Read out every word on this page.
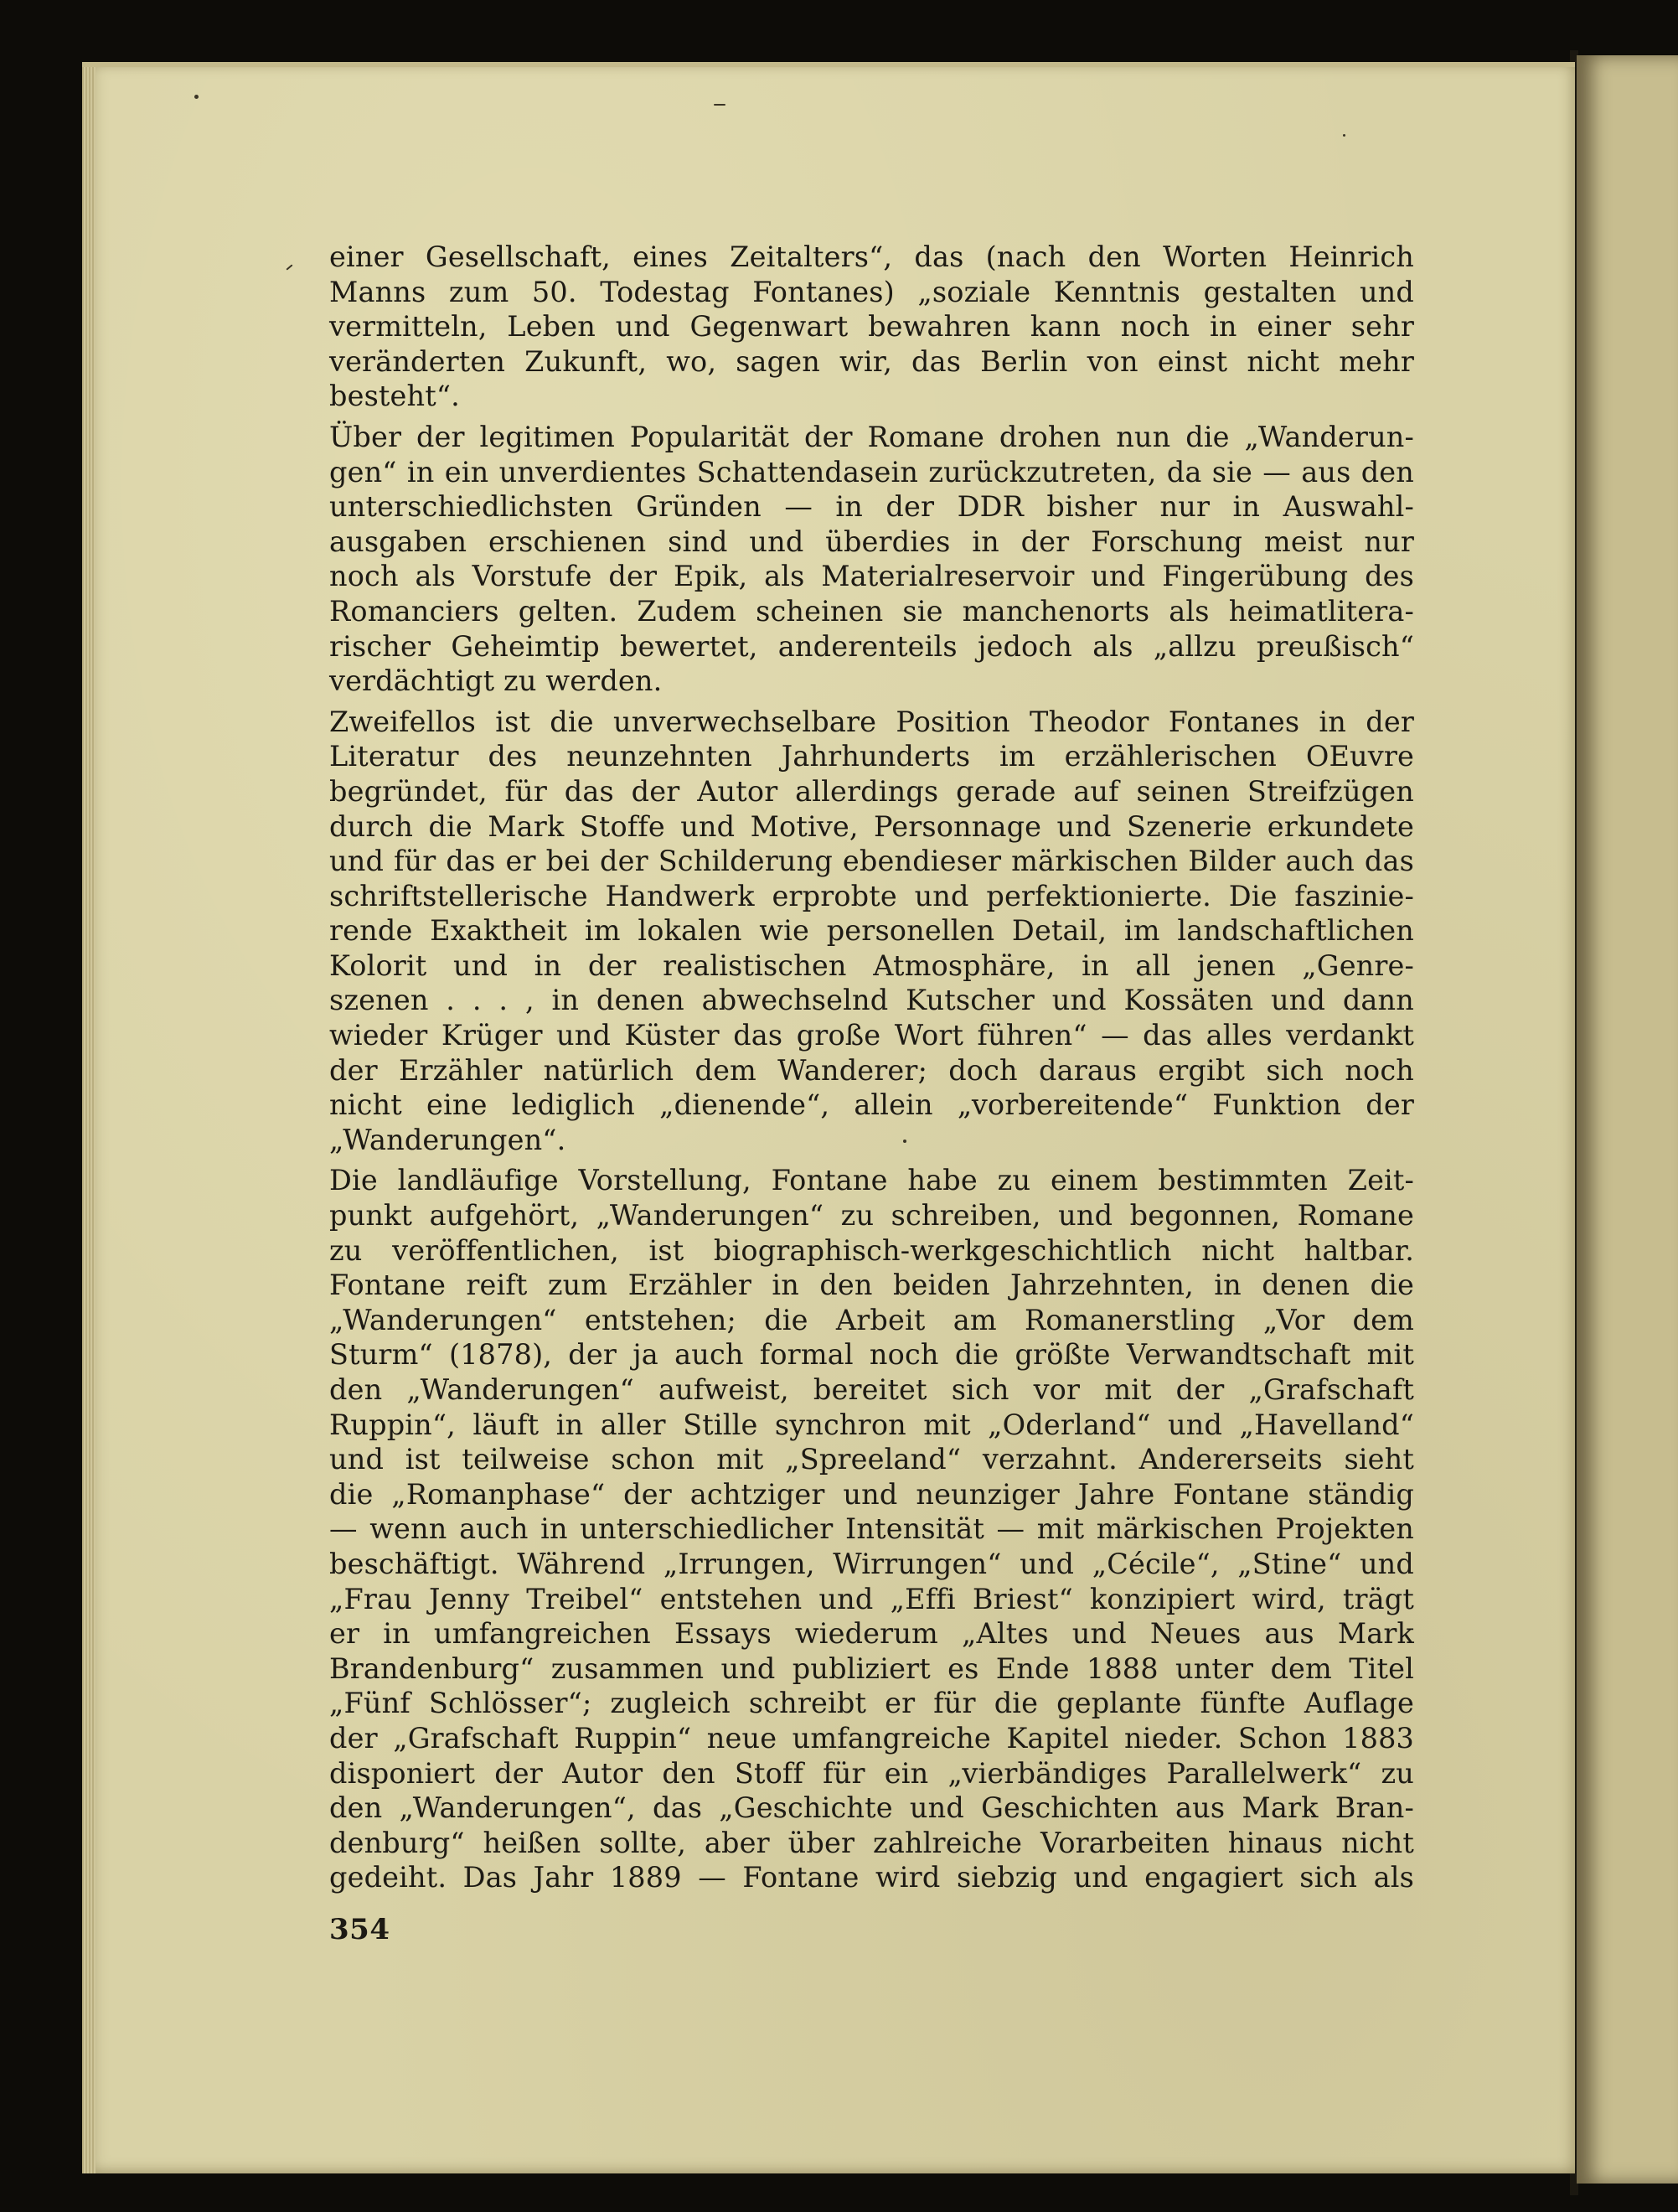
einer Gesellschaft, eines Zeitalters“, das (nach den Worten Heinrich
Manns zum 50. Todestag Fontanes) „soziale Kenntnis gestalten und
vermitteln, Leben und Gegenwart bewahren kann noch in einer sehr
veränderten Zukunft, wo, sagen wir, das Berlin von einst nicht mehr
besteht“.

Über der legitimen Popularität der Romane drohen nun die „Wanderun-
gen“ in ein unverdientes Schattendasein zurückzutreten, da sie — aus den
unterschiedlichsten Gründen — in der DDR bisher nur in Auswahl-
ausgaben erschienen sind und überdies in der Forschung meist nur
noch als Vorstufe der Epik, als Materialreservoir und Fingerübung des
Romanciers gelten. Zudem scheinen sie manchenorts als heimatlitera-
rischer Geheimtip bewertet, anderenteils jedoch als „allzu preußisch“
verdächtigt zu werden.

Zweifellos ist die unverwechselbare Position Theodor Fontanes in der
Literatur des neunzehnten Jahrhunderts im erzählerischen OEuvre
begründet, für das der Autor allerdings gerade auf seinen Streifzügen
durch die Mark Stoffe und Motive, Personnage und Szenerie erkundete
und für das er bei der Schilderung ebendieser märkischen Bilder auch das
schriftstellerische Handwerk erprobte und perfektionierte. Die faszinie-
rende Exaktheit im lokalen wie personellen Detail, im landschaftlichen
Kolorit und in der realistischen Atmosphäre, in all jenen „Genre-
szenen . . . , in denen abwechselnd Kutscher und Kossäten und dann
wieder Krüger und Küster das große Wort führen“ — das alles verdankt
der Erzähler natürlich dem Wanderer; doch daraus ergibt sich noch
nicht eine lediglich „dienende“, allein „vorbereitende“ Funktion der
„Wanderungen“.

Die landläufige Vorstellung, Fontane habe zu einem bestimmten Zeit-
punkt aufgehört, „Wanderungen“ zu schreiben, und begonnen, Romane
zu veröffentlichen, ist biographisch-werkgeschichtlich nicht haltbar.
Fontane reift zum Erzähler in den beiden Jahrzehnten, in denen die
„Wanderungen“ entstehen; die Arbeit am Romanerstling „Vor dem
Sturm“ (1878), der ja auch formal noch die größte Verwandtschaft mit
den „Wanderungen“ aufweist, bereitet sich vor mit der „Grafschaft
Ruppin“, läuft in aller Stille synchron mit „Oderland“ und „Havelland“
und ist teilweise schon mit „Spreeland“ verzahnt. Andererseits sieht
die „Romanphase“ der achtziger und neunziger Jahre Fontane ständig
— wenn auch in unterschiedlicher Intensität — mit märkischen Projekten
beschäftigt. Während „Irrungen, Wirrungen“ und „Cécile“, „Stine“ und
„Frau Jenny Treibel“ entstehen und „Effi Briest“ konzipiert wird, trägt
er in umfangreichen Essays wiederum „Altes und Neues aus Mark
Brandenburg“ zusammen und publiziert es Ende 1888 unter dem Titel
„Fünf Schlösser“; zugleich schreibt er für die geplante fünfte Auflage
der „Grafschaft Ruppin“ neue umfangreiche Kapitel nieder. Schon 1883
disponiert der Autor den Stoff für ein „vierbändiges Parallelwerk“ zu
den „Wanderungen“, das „Geschichte und Geschichten aus Mark Bran-
denburg“ heißen sollte, aber über zahlreiche Vorarbeiten hinaus nicht
gedeiht. Das Jahr 1889 — Fontane wird siebzig und engagiert sich als

354
